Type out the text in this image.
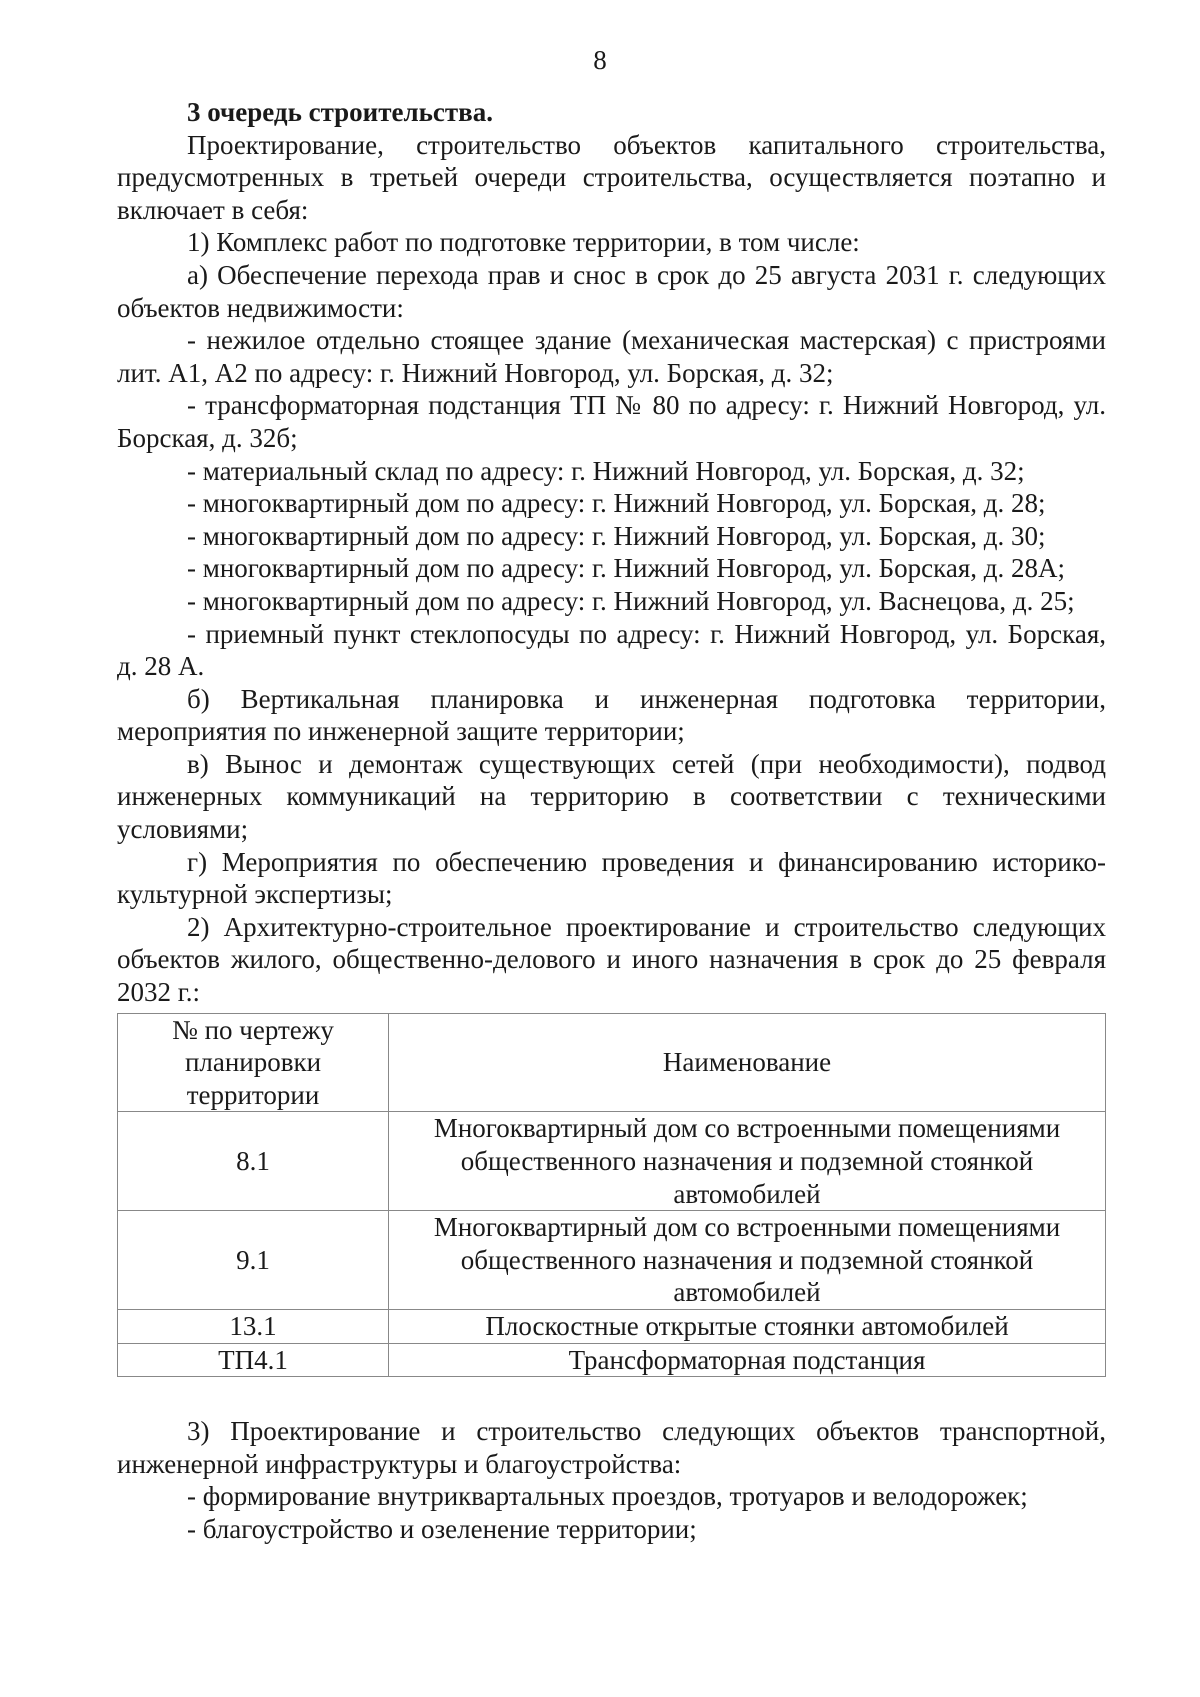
8

3 очередь строительства.

Проектирование, строительство объектов капитального строительства, предусмотренных в третьей очереди строительства, осуществляется поэтапно и включает в себя:

1) Комплекс работ по подготовке территории, в том числе:

а) Обеспечение перехода прав и снос в срок до 25 августа 2031 г. следующих объектов недвижимости:

- нежилое отдельно стоящее здание (механическая мастерская) с пристроями лит. А1, А2 по адресу: г. Нижний Новгород, ул. Борская, д. 32;

- трансформаторная подстанция ТП № 80 по адресу: г. Нижний Новгород, ул. Борская, д. 32б;

- материальный склад по адресу: г. Нижний Новгород, ул. Борская, д. 32;

- многоквартирный дом по адресу: г. Нижний Новгород, ул. Борская, д. 28;

- многоквартирный дом по адресу: г. Нижний Новгород, ул. Борская, д. 30;

- многоквартирный дом по адресу: г. Нижний Новгород, ул. Борская, д. 28А;

- многоквартирный дом по адресу: г. Нижний Новгород, ул. Васнецова, д. 25;

- приемный пункт стеклопосуды по адресу: г. Нижний Новгород, ул. Борская, д. 28 А.

б) Вертикальная планировка и инженерная подготовка территории, мероприятия по инженерной защите территории;

в) Вынос и демонтаж существующих сетей (при необходимости), подвод инженерных коммуникаций на территорию в соответствии с техническими условиями;

г) Мероприятия по обеспечению проведения и финансированию историко-культурной экспертизы;

2) Архитектурно-строительное проектирование и строительство следующих объектов жилого, общественно-делового и иного назначения в срок до 25 февраля 2032 г.:

№ по чертежу планировки территории	Наименование
8.1	Многоквартирный дом со встроенными помещениями общественного назначения и подземной стоянкой автомобилей
9.1	Многоквартирный дом со встроенными помещениями общественного назначения и подземной стоянкой автомобилей
13.1	Плоскостные открытые стоянки автомобилей
ТП4.1	Трансформаторная подстанция

3) Проектирование и строительство следующих объектов транспортной, инженерной инфраструктуры и благоустройства:

- формирование внутриквартальных проездов, тротуаров и велодорожек;

- благоустройство и озеленение территории;
